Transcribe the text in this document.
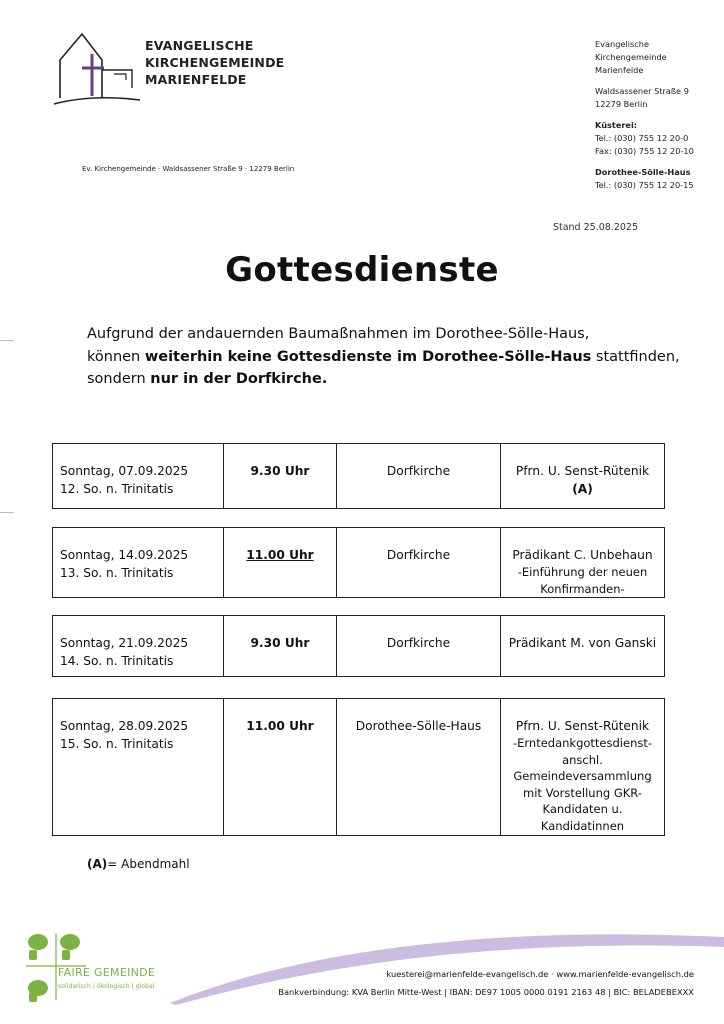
EVANGELISCHE
KIRCHENGEMEINDE
MARIENFELDE
Ev. Kirchengemeinde · Waldsassener Straße 9 · 12279 Berlin
Evangelische
Kirchengemeinde
Marienfelde
Waldsassener Straße 9
12279 Berlin
Küsterei:
Tel.: (030) 755 12 20-0
Fax: (030) 755 12 20-10
Dorothee-Sölle-Haus
Tel.: (030) 755 12 20-15
Stand 25.08.2025
Gottesdienste
Aufgrund der andauernden Baumaßnahmen im Dorothee-Sölle-Haus,
können weiterhin keine Gottesdienste im Dorothee-Sölle-Haus stattfinden,
sondern nur in der Dorfkirche.
Sonntag, 07.09.2025
12. So. n. Trinitatis
	9.30 Uhr	Dorfkirche	Pfrn. U. Senst-Rütenik
(A)
Sonntag, 14.09.2025
13. So. n. Trinitatis
	11.00 Uhr	Dorfkirche	Prädikant C. Unbehaun
-Einführung der neuen
Konfirmanden-
Sonntag, 21.09.2025
14. So. n. Trinitatis
	9.30 Uhr	Dorfkirche	Prädikant M. von Ganski
Sonntag, 28.09.2025
15. So. n. Trinitatis
	11.00 Uhr	Dorothee-Sölle-Haus	Pfrn. U. Senst-Rütenik
-Erntedankgottesdienst-
anschl.
Gemeindeversammlung
mit Vorstellung GKR-
Kandidaten u.
Kandidatinnen
(A)= Abendmahl
FAIRE GEMEINDE
solidarisch | ökologisch | global
kuesterei@marienfelde-evangelisch.de · www.marienfelde-evangelisch.de
Bankverbindung: KVA Berlin Mitte-West | IBAN: DE97 1005 0000 0191 2163 48 | BIC: BELADEBEXXX
